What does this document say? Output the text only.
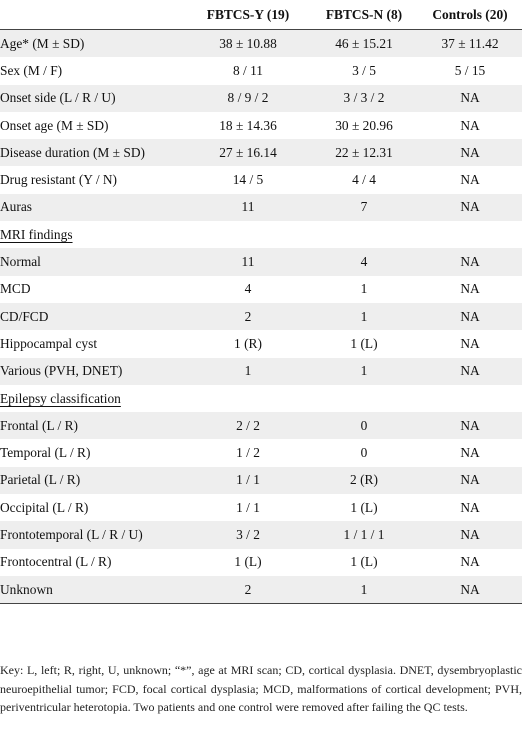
	FBTCS-Y (19)	FBTCS-N (8)	Controls (20)
Age* (M ± SD)	38 ± 10.88	46 ± 15.21	37 ± 11.42
Sex (M / F)	8 / 11	3 / 5	5 / 15
Onset side (L / R / U)	8 / 9 / 2	3 / 3 / 2	NA
Onset age (M ± SD)	18 ± 14.36	30 ± 20.96	NA
Disease duration (M ± SD)	27 ± 16.14	22 ± 12.31	NA
Drug resistant (Y / N)	14 / 5	4 / 4	NA
Auras	11	7	NA
MRI findings			
Normal	11	4	NA
MCD	4	1	NA
CD/FCD	2	1	NA
Hippocampal cyst	1 (R)	1 (L)	NA
Various (PVH, DNET)	1	1	NA
Epilepsy classification			
Frontal (L / R)	2 / 2	0	NA
Temporal (L / R)	1 / 2	0	NA
Parietal (L / R)	1 / 1	2 (R)	NA
Occipital (L / R)	1 / 1	1 (L)	NA
Frontotemporal (L / R / U)	3 / 2	1 / 1 / 1	NA
Frontocentral (L / R)	1 (L)	1 (L)	NA
Unknown	2	1	NA
Key: L, left; R, right, U, unknown; “*”, age at MRI scan; CD, cortical dysplasia. DNET, dysembryoplastic neuroepithelial tumor; FCD, focal cortical dysplasia; MCD, malformations of cortical development; PVH, periventricular heterotopia. Two patients and one control were removed after failing the QC tests.
